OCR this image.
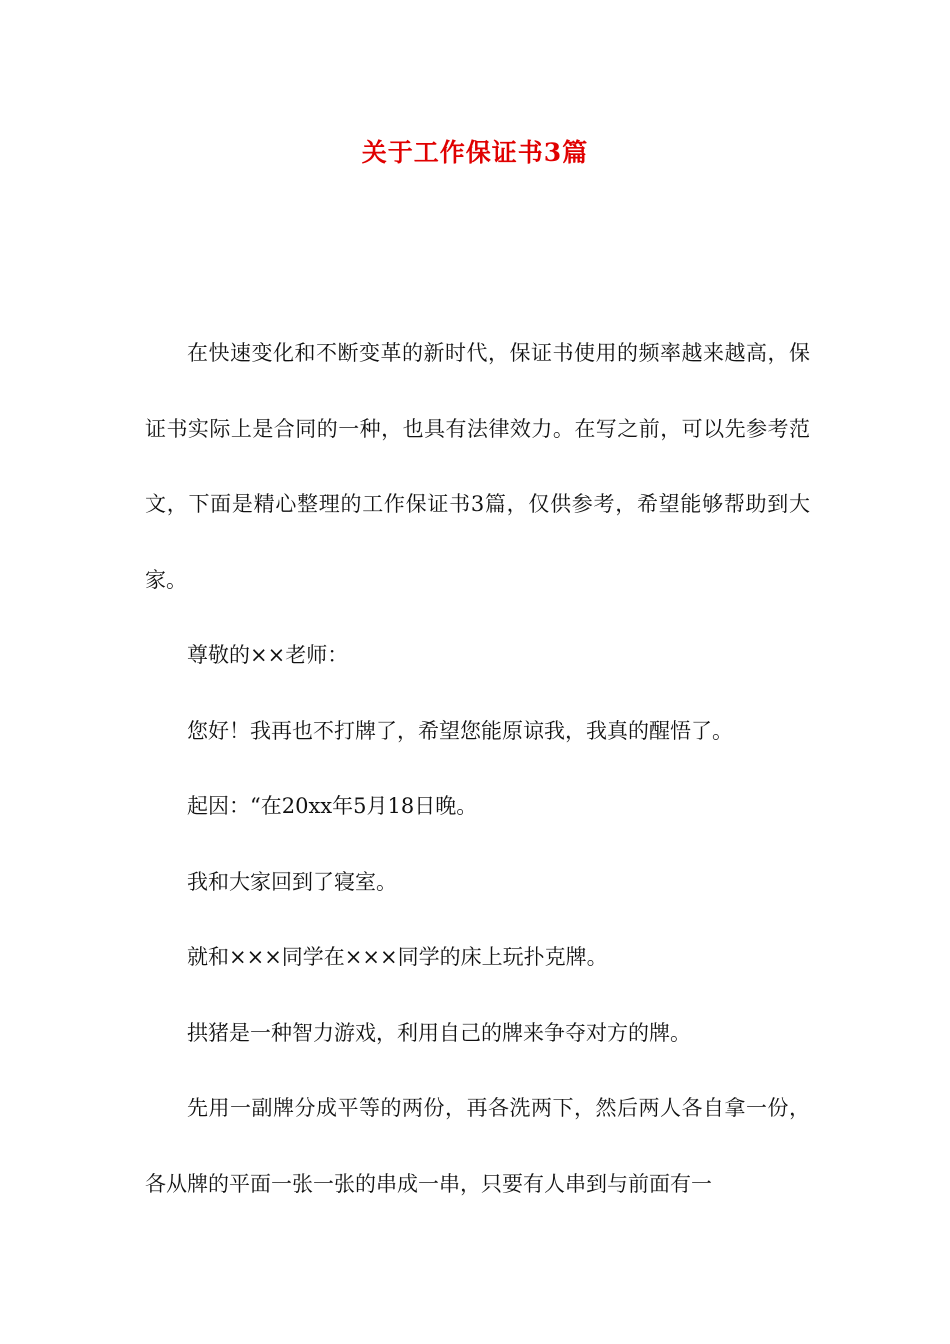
关于工作保证书3篇

在快速变化和不断变革的新时代，保证书使用的频率越来越高，保证书实际上是合同的一种，也具有法律效力。在写之前，可以先参考范文，下面是精心整理的工作保证书3篇，仅供参考，希望能够帮助到大家。

尊敬的××老师：

您好！我再也不打牌了，希望您能原谅我，我真的醒悟了。

起因：“在20xx年5月18日晚。

我和大家回到了寝室。

就和×××同学在×××同学的床上玩扑克牌。

拱猪是一种智力游戏，利用自己的牌来争夺对方的牌。

先用一副牌分成平等的两份，再各洗两下，然后两人各自拿一份，各从牌的平面一张一张的串成一串，只要有人串到与前面有一
